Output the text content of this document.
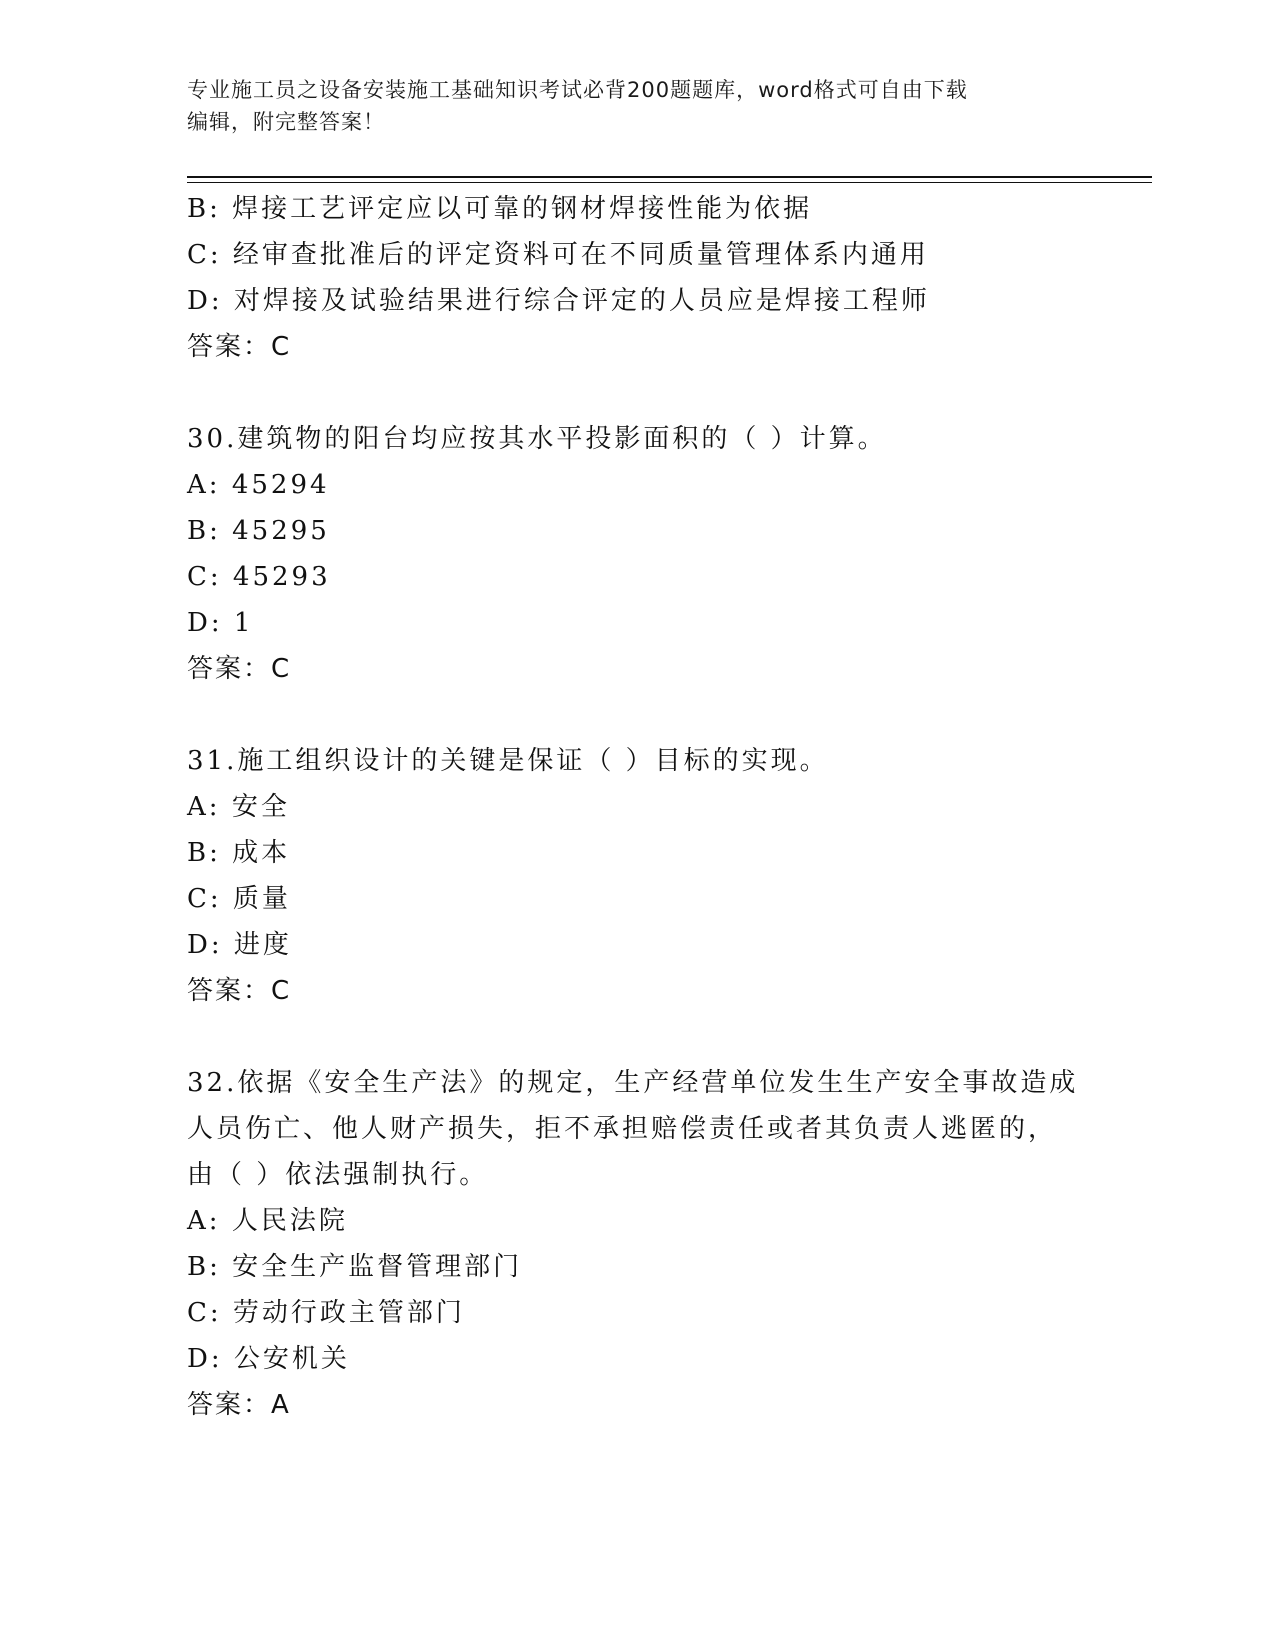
专业施工员之设备安装施工基础知识考试必背200题题库，word格式可自由下载
编辑，附完整答案！
B: 焊接工艺评定应以可靠的钢材焊接性能为依据
C: 经审查批准后的评定资料可在不同质量管理体系内通用
D: 对焊接及试验结果进行综合评定的人员应是焊接工程师
答案：C
30.建筑物的阳台均应按其水平投影面积的（ ）计算。
A: 45294
B: 45295
C: 45293
D: 1
答案：C
31.施工组织设计的关键是保证（ ）目标的实现。
A: 安全
B: 成本
C: 质量
D: 进度
答案：C
32.依据《安全生产法》的规定，生产经营单位发生生产安全事故造成
人员伤亡、他人财产损失，拒不承担赔偿责任或者其负责人逃匿的，
由（ ）依法强制执行。
A: 人民法院
B: 安全生产监督管理部门
C: 劳动行政主管部门
D: 公安机关
答案：A
